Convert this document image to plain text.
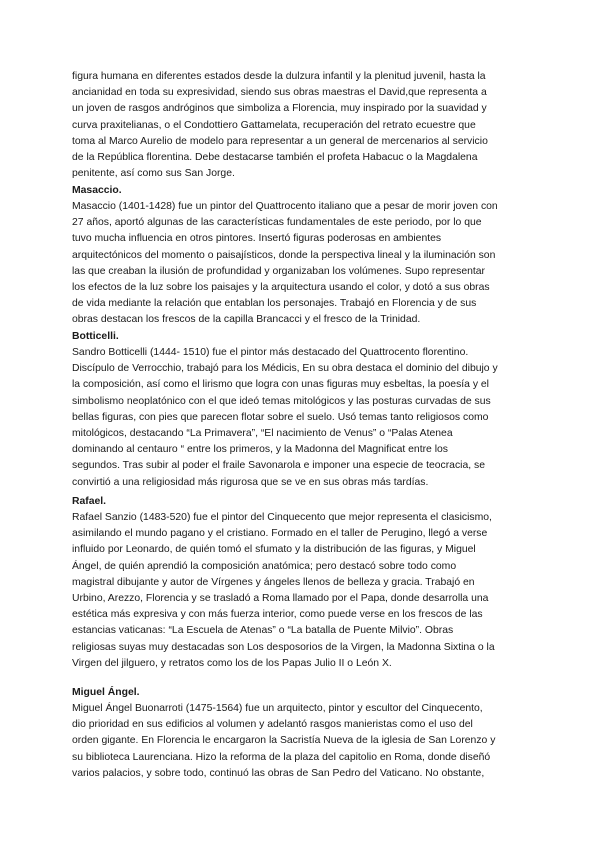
figura humana en diferentes estados desde la dulzura infantil y la plenitud juvenil, hasta la
ancianidad en toda su expresividad, siendo sus obras maestras el David,que representa a
un joven de rasgos andróginos que simboliza a Florencia, muy inspirado por la suavidad y
curva praxitelianas, o el Condottiero Gattamelata, recuperación del retrato ecuestre que
toma al Marco Aurelio de modelo para representar a un general de mercenarios al servicio
de la República florentina. Debe destacarse también el profeta Habacuc o la Magdalena
penitente, así como sus San Jorge.
Masaccio.
Masaccio (1401-1428) fue un pintor del Quattrocento italiano que a pesar de morir joven con
27 años, aportó algunas de las características fundamentales de este periodo, por lo que
tuvo mucha influencia en otros pintores. Insertó figuras poderosas en ambientes
arquitectónicos del momento o paisajísticos, donde la perspectiva lineal y la iluminación son
las que creaban la ilusión de profundidad y organizaban los volúmenes. Supo representar
los efectos de la luz sobre los paisajes y la arquitectura usando el color, y dotó a sus obras
de vida mediante la relación que entablan los personajes. Trabajó en Florencia y de sus
obras destacan los frescos de la capilla Brancacci y el fresco de la Trinidad.
Botticelli.
Sandro Botticelli (1444- 1510) fue el pintor más destacado del Quattrocento florentino.
Discípulo de Verrocchio, trabajó para los Médicis, En su obra destaca el dominio del dibujo y
la composición, así como el lirismo que logra con unas figuras muy esbeltas, la poesía y el
simbolismo neoplatónico con el que ideó temas mitológicos y las posturas curvadas de sus
bellas figuras, con pies que parecen flotar sobre el suelo. Usó temas tanto religiosos como
mitológicos, destacando “La Primavera”, “El nacimiento de Venus” o “Palas Atenea
dominando al centauro “ entre los primeros, y la Madonna del Magnificat entre los
segundos. Tras subir al poder el fraile Savonarola e imponer una especie de teocracia, se
convirtió a una religiosidad más rigurosa que se ve en sus obras más tardías.
Rafael.
Rafael Sanzio (1483-520) fue el pintor del Cinquecento que mejor representa el clasicismo,
asimilando el mundo pagano y el cristiano. Formado en el taller de Perugino, llegó a verse
influido por Leonardo, de quién tomó el sfumato y la distribución de las figuras, y Miguel
Ángel, de quién aprendió la composición anatómica; pero destacó sobre todo como
magistral dibujante y autor de Vírgenes y ángeles llenos de belleza y gracia. Trabajó en
Urbino, Arezzo, Florencia y se trasladó a Roma llamado por el Papa, donde desarrolla una
estética más expresiva y con más fuerza interior, como puede verse en los frescos de las
estancias vaticanas: “La Escuela de Atenas” o “La batalla de Puente Milvio”. Obras
religiosas suyas muy destacadas son Los desposorios de la Virgen, la Madonna Sixtina o la
Virgen del jilguero, y retratos como los de los Papas Julio II o León X.
Miguel Ángel.
Miguel Ángel Buonarroti (1475-1564) fue un arquitecto, pintor y escultor del Cinquecento,
dio prioridad en sus edificios al volumen y adelantó rasgos manieristas como el uso del
orden gigante. En Florencia le encargaron la Sacristía Nueva de la iglesia de San Lorenzo y
su biblioteca Laurenciana. Hizo la reforma de la plaza del capitolio en Roma, donde diseñó
varios palacios, y sobre todo, continuó las obras de San Pedro del Vaticano. No obstante,
